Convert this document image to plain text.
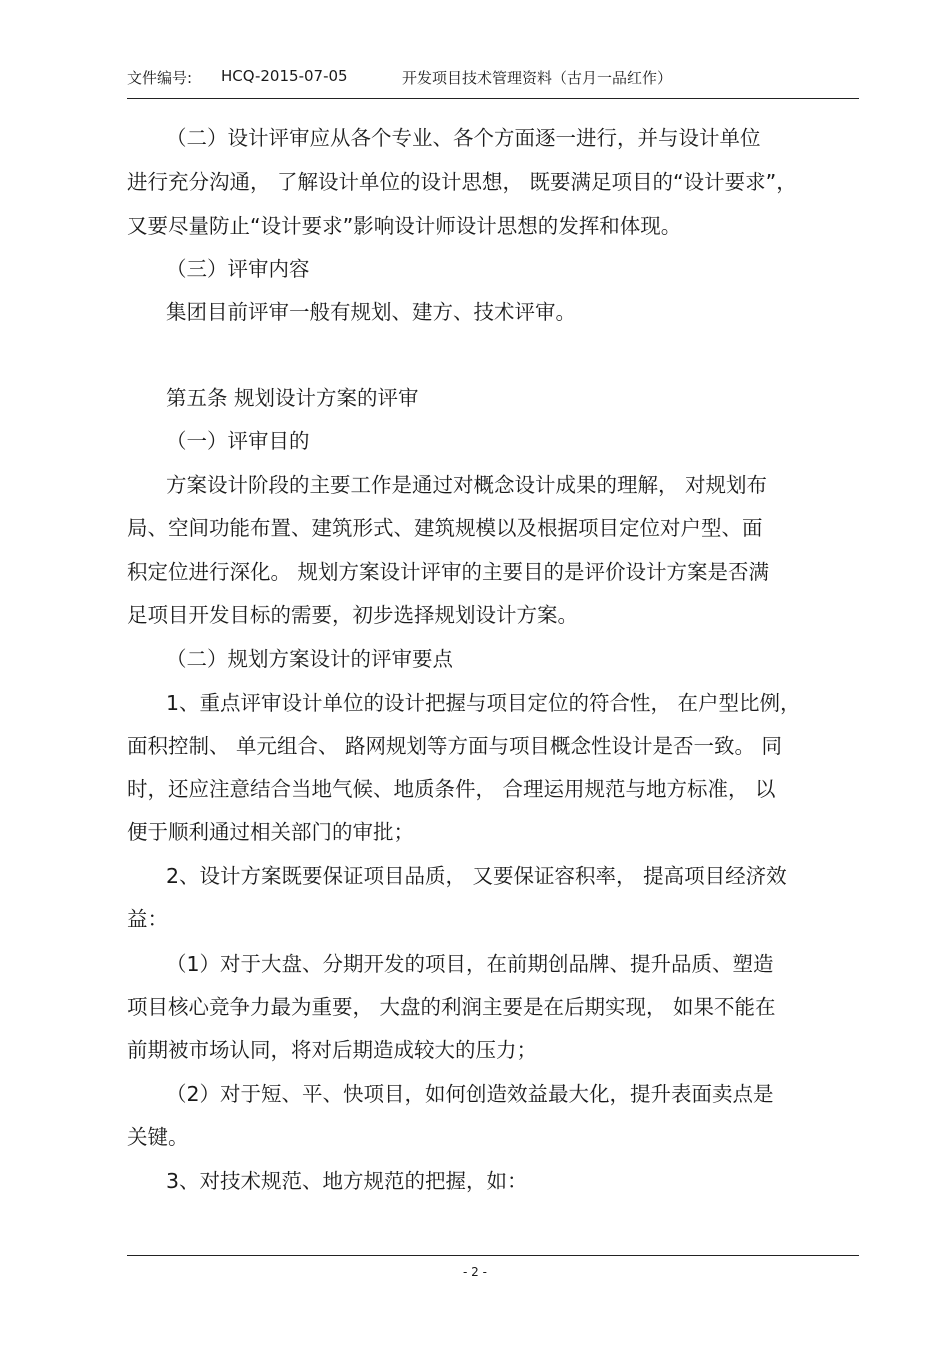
文件编号: HCQ-2015-07-05	开发项目技术管理资料（古月一品红作）
（二）设计评审应从各个专业、各个方面逐一进行，并与设计单位
进行充分沟通， 了解设计单位的设计思想， 既要满足项目的“设计要求”，
又要尽量防止“设计要求”影响设计师设计思想的发挥和体现。
（三）评审内容
集团目前评审一般有规划、建方、技术评审。
第五条 规划设计方案的评审
（一）评审目的
方案设计阶段的主要工作是通过对概念设计成果的理解， 对规划布
局、空间功能布置、建筑形式、建筑规模以及根据项目定位对户型、面
积定位进行深化。 规划方案设计评审的主要目的是评价设计方案是否满
足项目开发目标的需要，初步选择规划设计方案。
（二）规划方案设计的评审要点
1、重点评审设计单位的设计把握与项目定位的符合性， 在户型比例，
面积控制、 单元组合、 路网规划等方面与项目概念性设计是否一致。 同
时，还应注意结合当地气候、地质条件， 合理运用规范与地方标准， 以
便于顺利通过相关部门的审批；
2、设计方案既要保证项目品质， 又要保证容积率， 提高项目经济效
益：
（1）对于大盘、分期开发的项目，在前期创品牌、提升品质、塑造
项目核心竞争力最为重要， 大盘的利润主要是在后期实现， 如果不能在
前期被市场认同，将对后期造成较大的压力；
（2）对于短、平、快项目，如何创造效益最大化，提升表面卖点是
关键。
3、对技术规范、地方规范的把握，如：
- 2 -
